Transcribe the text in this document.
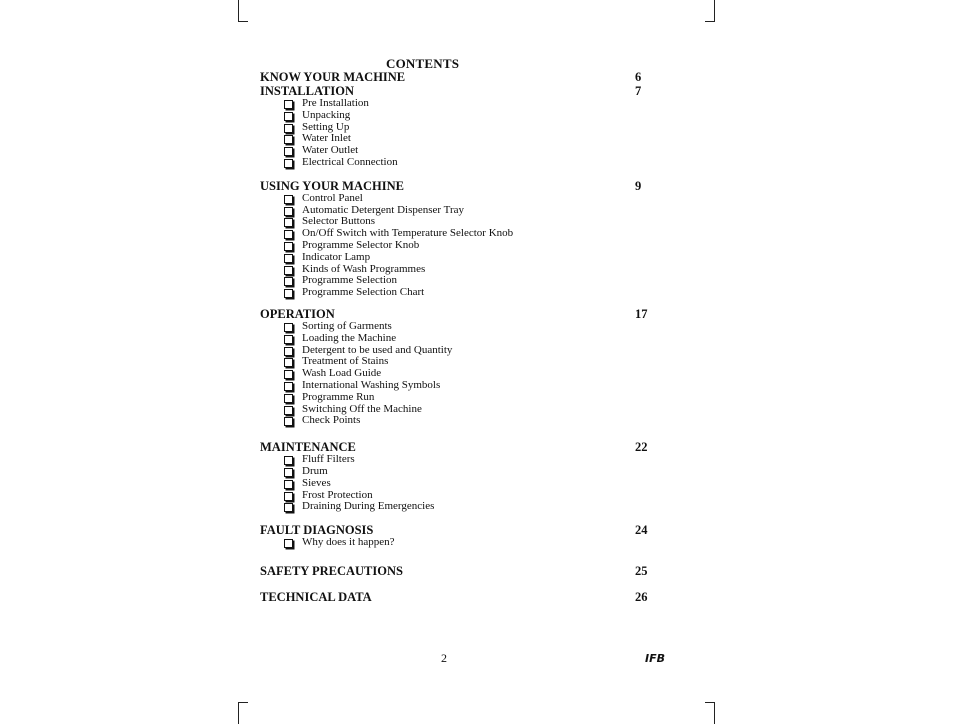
CONTENTS
KNOW YOUR MACHINE	6
INSTALLATION	7
Pre Installation
Unpacking
Setting Up
Water Inlet
Water Outlet
Electrical Connection
USING YOUR MACHINE	9
Control Panel
Automatic Detergent Dispenser Tray
Selector Buttons
On/Off Switch with Temperature Selector Knob
Programme Selector Knob
Indicator Lamp
Kinds of Wash Programmes
Programme Selection
Programme Selection Chart
OPERATION	17
Sorting of Garments
Loading the Machine
Detergent to be used and Quantity
Treatment of Stains
Wash Load Guide
International Washing Symbols
Programme Run
Switching Off the Machine
Check Points
MAINTENANCE	22
Fluff Filters
Drum
Sieves
Frost Protection
Draining During Emergencies
FAULT DIAGNOSIS	24
Why does it happen?
SAFETY PRECAUTIONS	25
TECHNICAL DATA	26
2	IFB
